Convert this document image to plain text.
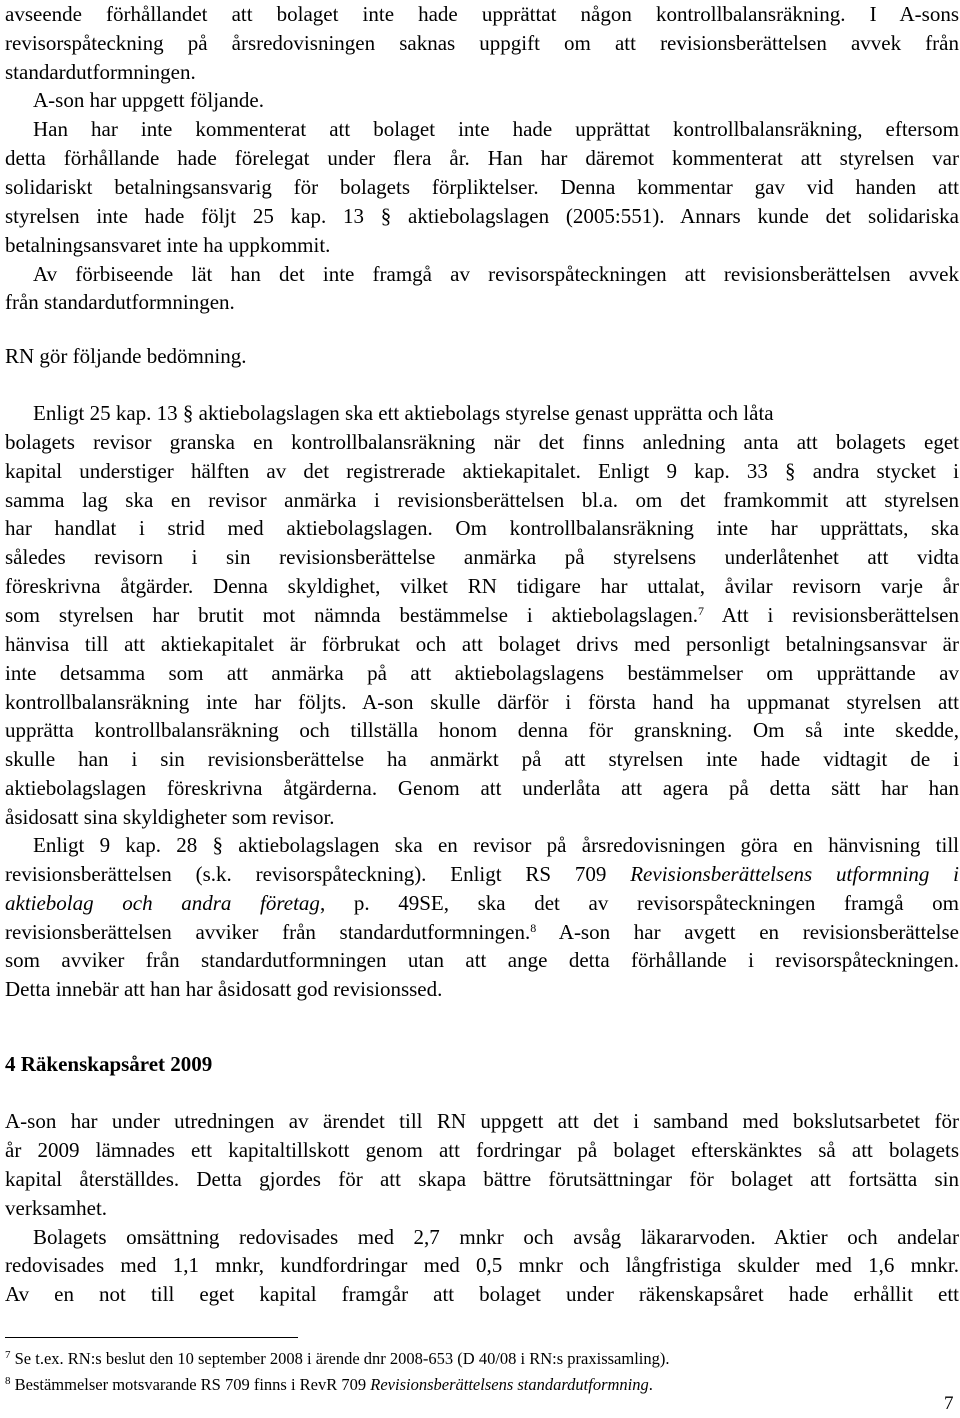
avseende förhållandet att bolaget inte hade upprättat någon kontrollbalansräkning. I A-sons
revisorspåteckning på årsredovisningen saknas uppgift om att revisionsberättelsen avvek från
standardutformningen.
A-son har uppgett följande.
Han har inte kommenterat att bolaget inte hade upprättat kontrollbalansräkning, eftersom
detta förhållande hade förelegat under flera år. Han har däremot kommenterat att styrelsen var
solidariskt betalningsansvarig för bolagets förpliktelser. Denna kommentar gav vid handen att
styrelsen inte hade följt 25 kap. 13 § aktiebolagslagen (2005:551). Annars kunde det solidariska
betalningsansvaret inte ha uppkommit.
Av förbiseende lät han det inte framgå av revisorspåteckningen att revisionsberättelsen avvek
från standardutformningen.
RN gör följande bedömning.
Enligt 25 kap. 13 § aktiebolagslagen ska ett aktiebolags styrelse genast upprätta och låta
bolagets revisor granska en kontrollbalansräkning när det finns anledning anta att bolagets eget
kapital understiger hälften av det registrerade aktiekapitalet. Enligt 9 kap. 33 § andra stycket i
samma lag ska en revisor anmärka i revisionsberättelsen bl.a. om det framkommit att styrelsen
har handlat i strid med aktiebolagslagen. Om kontrollbalansräkning inte har upprättats, ska
således revisorn i sin revisionsberättelse anmärka på styrelsens underlåtenhet att vidta
föreskrivna åtgärder. Denna skyldighet, vilket RN tidigare har uttalat, åvilar revisorn varje år
som styrelsen har brutit mot nämnda bestämmelse i aktiebolagslagen.$^7$ Att i revisionsberättelsen
hänvisa till att aktiekapitalet är förbrukat och att bolaget drivs med personligt betalningsansvar är
inte detsamma som att anmärka på att aktiebolagslagens bestämmelser om upprättande av
kontrollbalansräkning inte har följts. A-son skulle därför i första hand ha uppmanat styrelsen att
upprätta kontrollbalansräkning och tillställa honom denna för granskning. Om så inte skedde,
skulle han i sin revisionsberättelse ha anmärkt på att styrelsen inte hade vidtagit de i
aktiebolagslagen föreskrivna åtgärderna. Genom att underlåta att agera på detta sätt har han
åsidosatt sina skyldigheter som revisor.
Enligt 9 kap. 28 § aktiebolagslagen ska en revisor på årsredovisningen göra en hänvisning till
revisionsberättelsen (s.k. revisorspåteckning). Enligt RS 709 Revisionsberättelsens utformning i
aktiebolag och andra företag, p. 49SE, ska det av revisorspåteckningen framgå om
revisionsberättelsen avviker från standardutformningen.$^8$ A-son har avgett en revisionsberättelse
som avviker från standardutformningen utan att ange detta förhållande i revisorspåteckningen.
Detta innebär att han har åsidosatt god revisionssed.
4 Räkenskapsåret 2009
A-son har under utredningen av ärendet till RN uppgett att det i samband med bokslutsarbetet för
år 2009 lämnades ett kapitaltillskott genom att fordringar på bolaget efterskänktes så att bolagets
kapital återställdes. Detta gjordes för att skapa bättre förutsättningar för bolaget att fortsätta sin
verksamhet.
Bolagets omsättning redovisades med 2,7 mnkr och avsåg läkararvoden. Aktier och andelar
redovisades med 1,1 mnkr, kundfordringar med 0,5 mnkr och långfristiga skulder med 1,6 mnkr.
Av en not till eget kapital framgår att bolaget under räkenskapsåret hade erhållit ett
$^7$ Se t.ex. RN:s beslut den 10 september 2008 i ärende dnr 2008-653 (D 40/08 i RN:s praxissamling).
$^8$ Bestämmelser motsvarande RS 709 finns i RevR 709 Revisionsberättelsens standardutformning.
7
